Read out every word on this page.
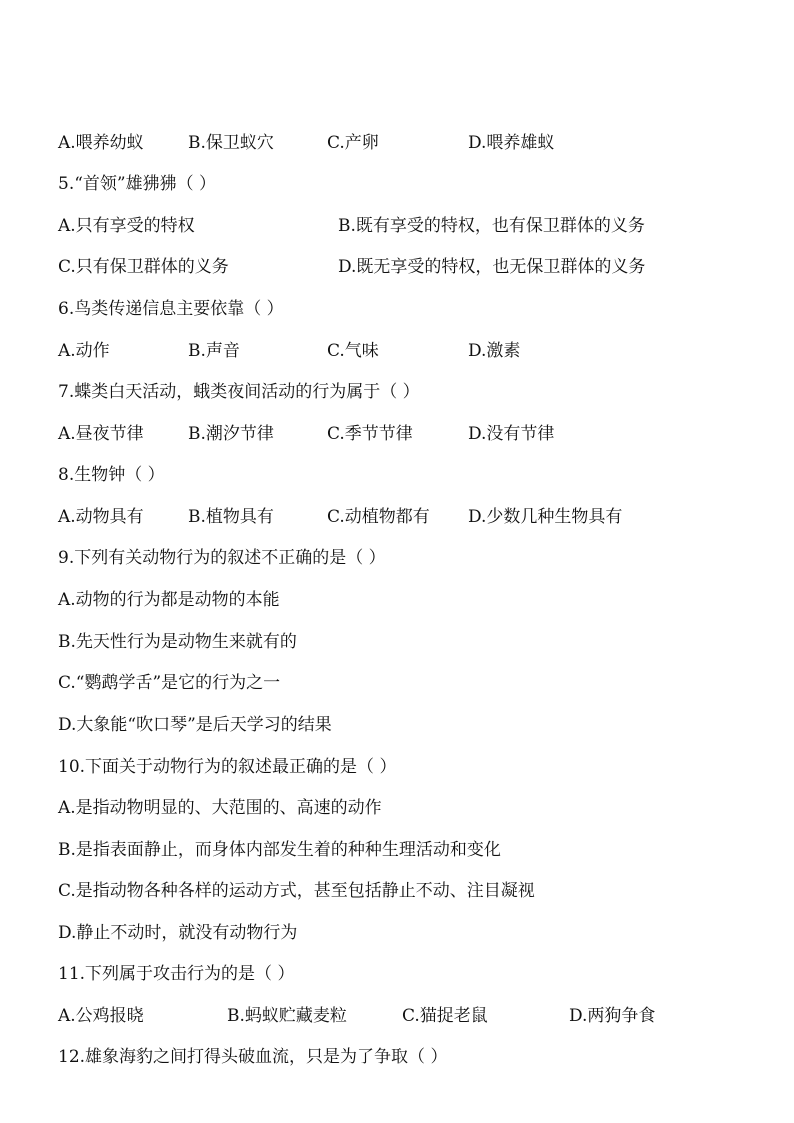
A.喂养幼蚁	B.保卫蚁穴	C.产卵	D.喂养雄蚁
5.“首领”雄狒狒（ ）
A.只有享受的特权	B.既有享受的特权，也有保卫群体的义务
C.只有保卫群体的义务	D.既无享受的特权，也无保卫群体的义务
6.鸟类传递信息主要依靠（ ）
A.动作	B.声音	C.气味	D.激素
7.蝶类白天活动，蛾类夜间活动的行为属于（ ）
A.昼夜节律	B.潮汐节律	C.季节节律	D.没有节律
8.生物钟（ ）
A.动物具有	B.植物具有	C.动植物都有 D.少数几种生物具有
9.下列有关动物行为的叙述不正确的是（ ）
A.动物的行为都是动物的本能
B.先天性行为是动物生来就有的
C.“鹦鹉学舌”是它的行为之一
D.大象能“吹口琴”是后天学习的结果
10.下面关于动物行为的叙述最正确的是（ ）
A.是指动物明显的、大范围的、高速的动作
B.是指表面静止，而身体内部发生着的种种生理活动和变化
C.是指动物各种各样的运动方式，甚至包括静止不动、注目凝视
D.静止不动时，就没有动物行为
11.下列属于攻击行为的是（ ）
A.公鸡报晓	B.蚂蚁贮藏麦粒	C.猫捉老鼠	D.两狗争食
12.雄象海豹之间打得头破血流，只是为了争取（ ）
